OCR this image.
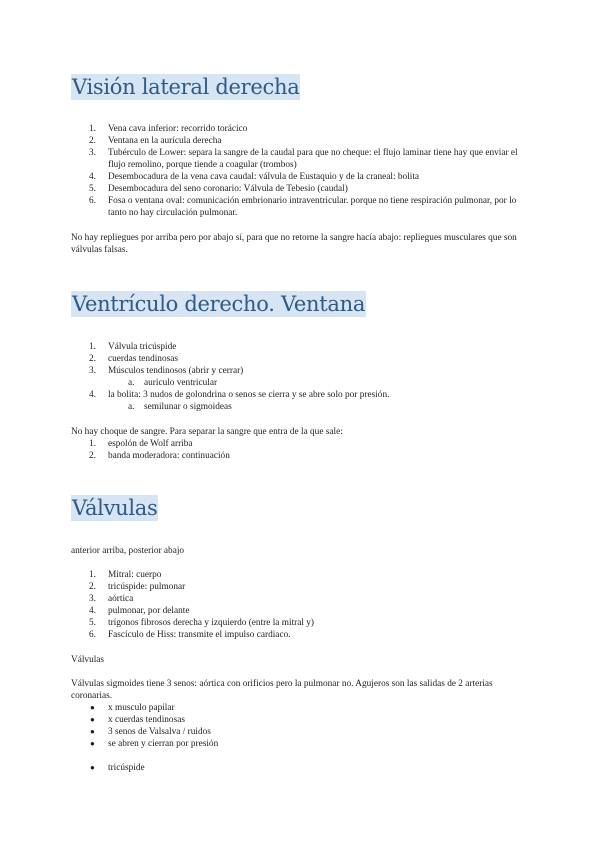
Visión lateral derecha
1.	Vena cava inferior: recorrido torácico
2.	Ventana en la aurícula derecha
3.	Tubérculo de Lower: separa la sangre de la caudal para que no cheque: el flujo laminar tiene hay que enviar el flujo remolino, porque tiende a coagular (trombos)
4.	Desembocadura de la vena cava caudal: válvula de Eustaquio y de la craneal: bolita
5.	Desembocadura del seno coronario: Válvula de Tebesio (caudal)
6.	Fosa o ventana oval: comunicación embrionario intraventricular. porque no tiene respiración pulmonar, por lo tanto no hay circulación pulmonar.

No hay repliegues por arriba pero por abajo sí, para que no retorne la sangre hacía abajo: repliegues musculares que son válvulas falsas.

Ventrículo derecho. Ventana
1.	Válvula tricúspide
2.	cuerdas tendinosas
3.	Músculos tendinosos (abrir y cerrar)
a.	auriculo ventricular
4.	la bolita: 3 nudos de golondrina o senos se cierra y se abre solo por presión.
a.	semilunar o sigmoideas

No hay choque de sangre. Para separar la sangre que entra de la que sale:

1.	espolón de Wolf arriba
2.	banda moderadora: continuación
Válvulas

anterior arriba, posterior abajo

1.	Mitral: cuerpo
2.	tricúspide: pulmonar
3.	aórtica
4.	pulmonar, por delante
5.	trígonos fibrosos derecha y izquierdo (entre la mitral y)
6.	Fascículo de Hiss: transmite el impulso cardiaco.

Válvulas

Válvulas sigmoides tiene 3 senos: aórtica con orificios pero la pulmonar no. Agujeros son las salidas de 2 arterias coronarias.

●	x musculo papilar
●	x cuerdas tendinosas
●	3 senos de Valsalva / ruidos
●	se abren y cierran por presión
●	tricúspide
